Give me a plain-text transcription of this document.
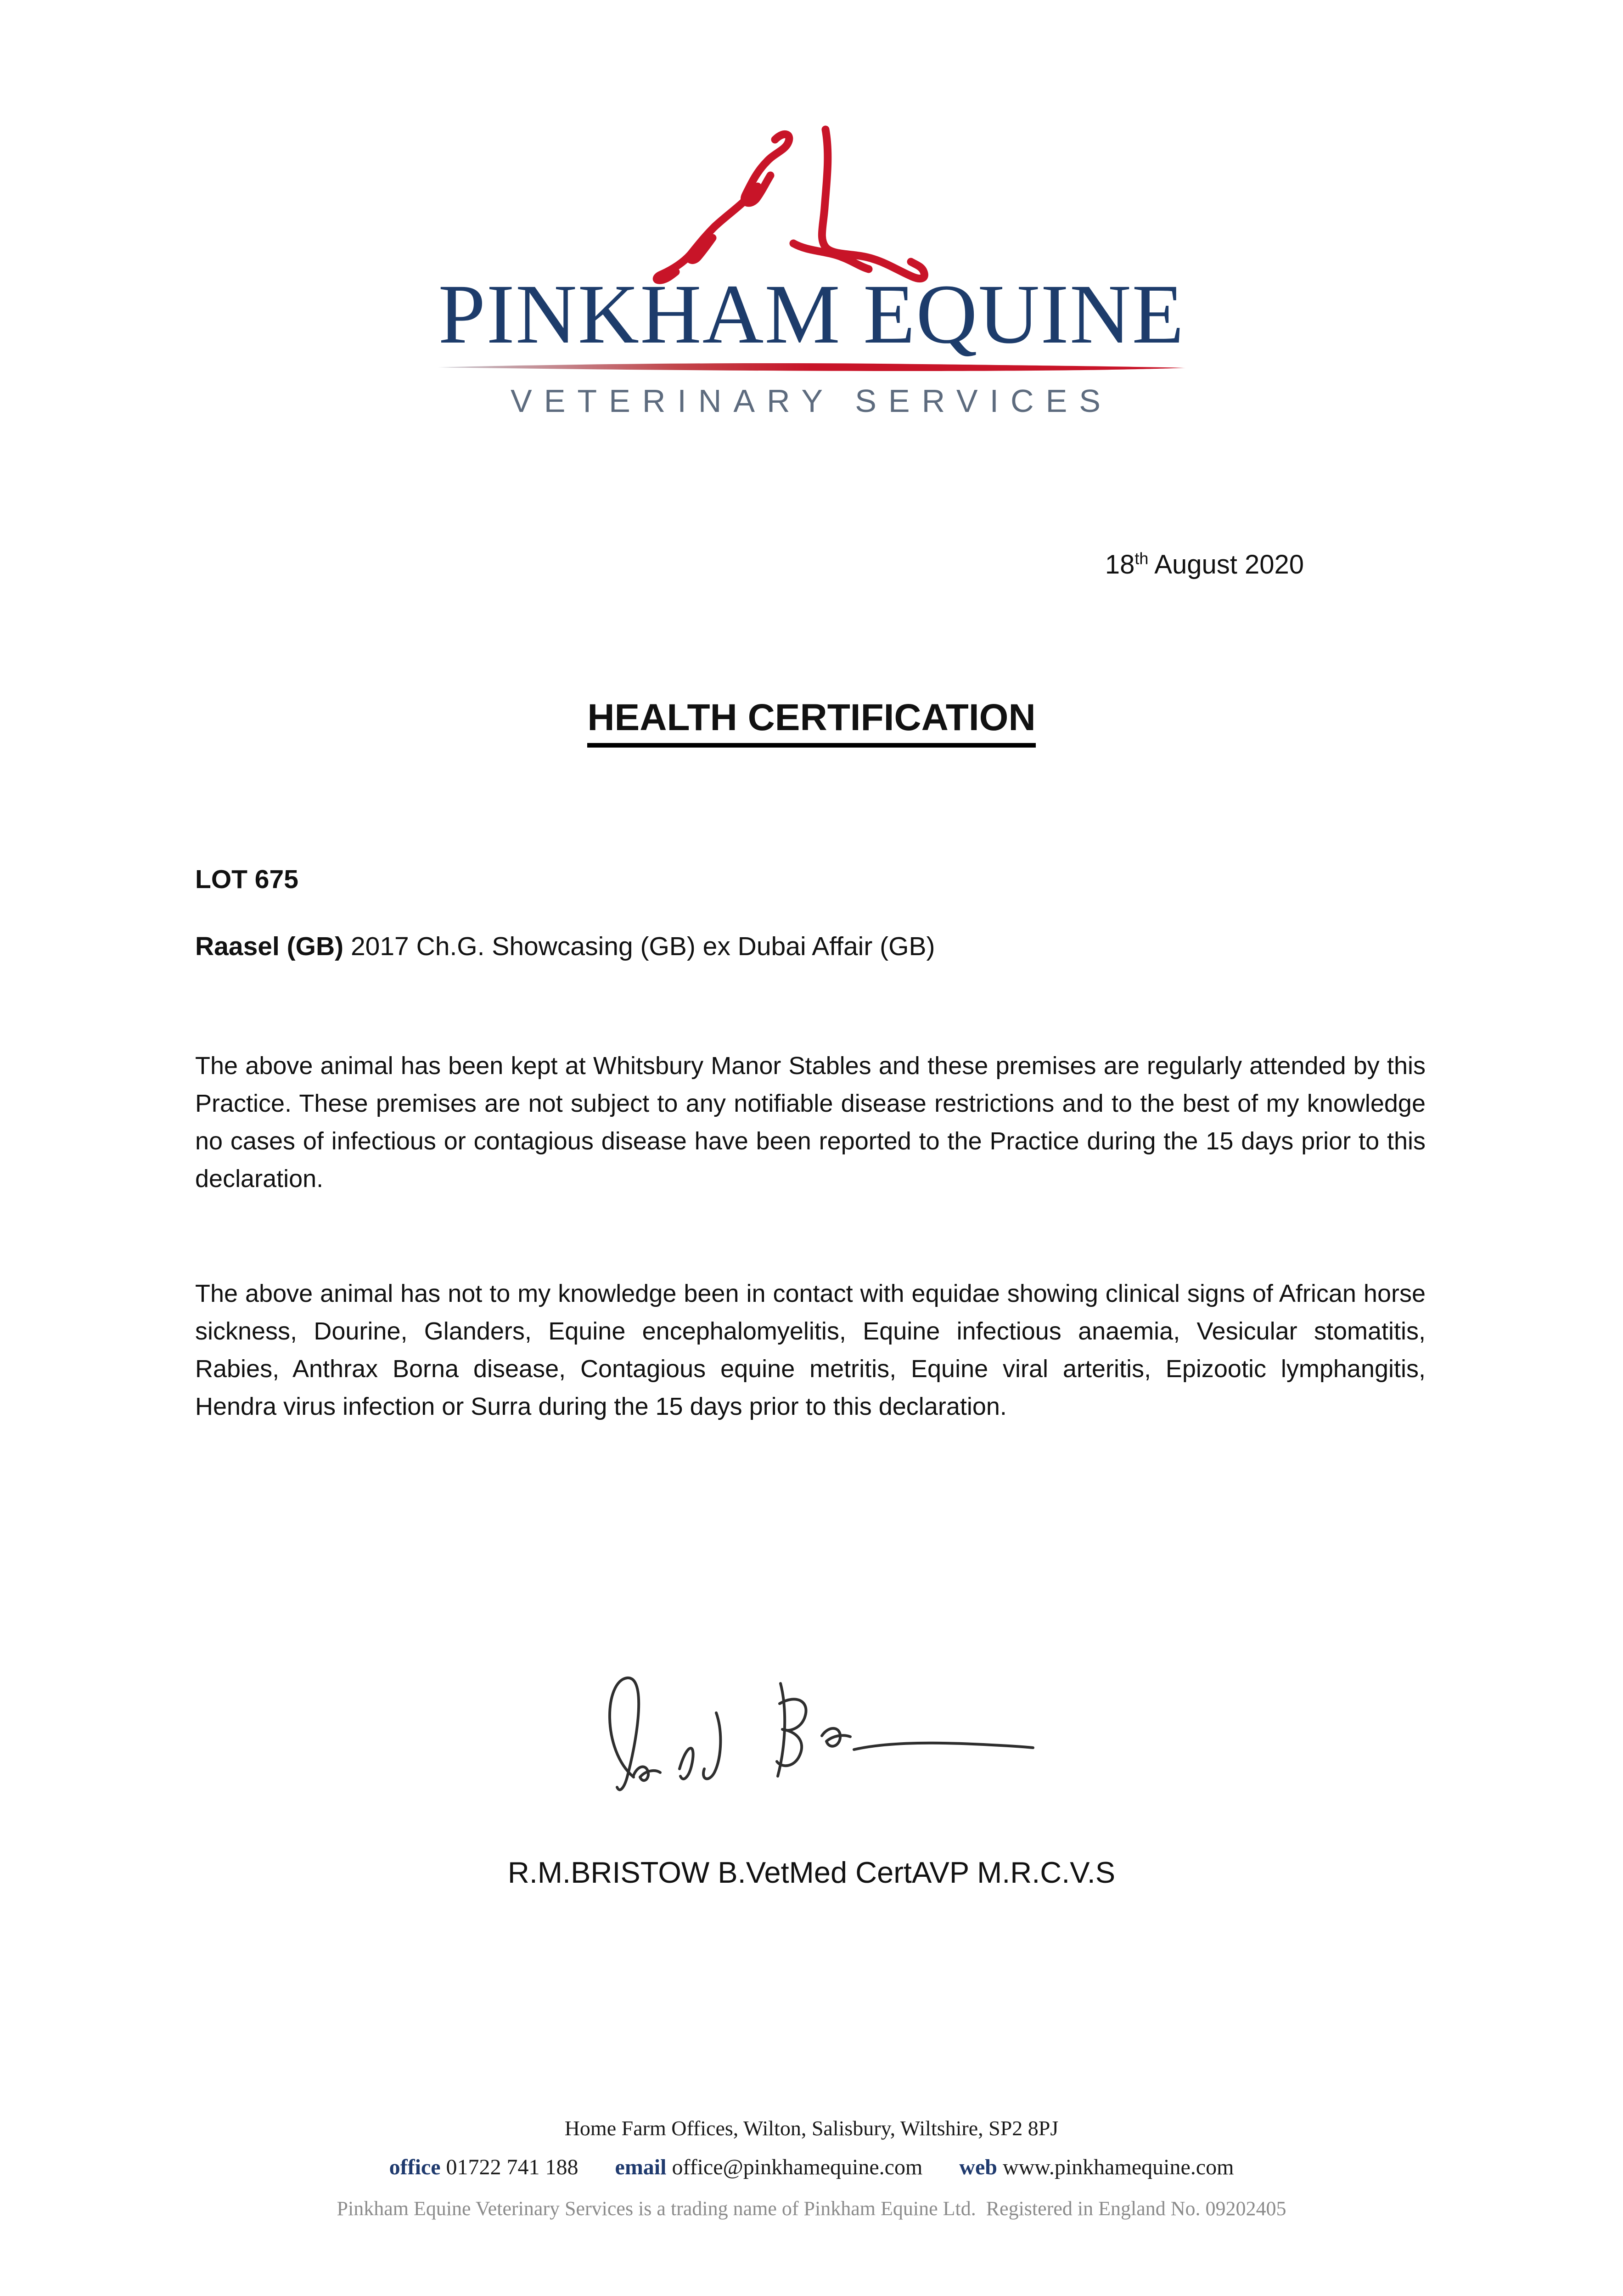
PINKHAM EQUINE
VETERINARY SERVICES
18th August 2020
HEALTH CERTIFICATION
LOT 675
Raasel (GB) 2017 Ch.G. Showcasing (GB) ex Dubai Affair (GB)
The above animal has been kept at Whitsbury Manor Stables and these premises are regularly attended by this Practice. These premises are not subject to any notifiable disease restrictions and to the best of my knowledge no cases of infectious or contagious disease have been reported to the Practice during the 15 days prior to this declaration.
The above animal has not to my knowledge been in contact with equidae showing clinical signs of African horse sickness, Dourine, Glanders, Equine encephalomyelitis, Equine infectious anaemia, Vesicular stomatitis, Rabies, Anthrax Borna disease, Contagious equine metritis, Equine viral arteritis, Epizootic lymphangitis, Hendra virus infection or Surra during the 15 days prior to this declaration.
R.M.BRISTOW B.VetMed CertAVP M.R.C.V.S
Home Farm Offices, Wilton, Salisbury, Wiltshire, SP2 8PJ
office 01722 741 188 email office@pinkhamequine.com web www.pinkhamequine.com
Pinkham Equine Veterinary Services is a trading name of Pinkham Equine Ltd.  Registered in England No. 09202405
